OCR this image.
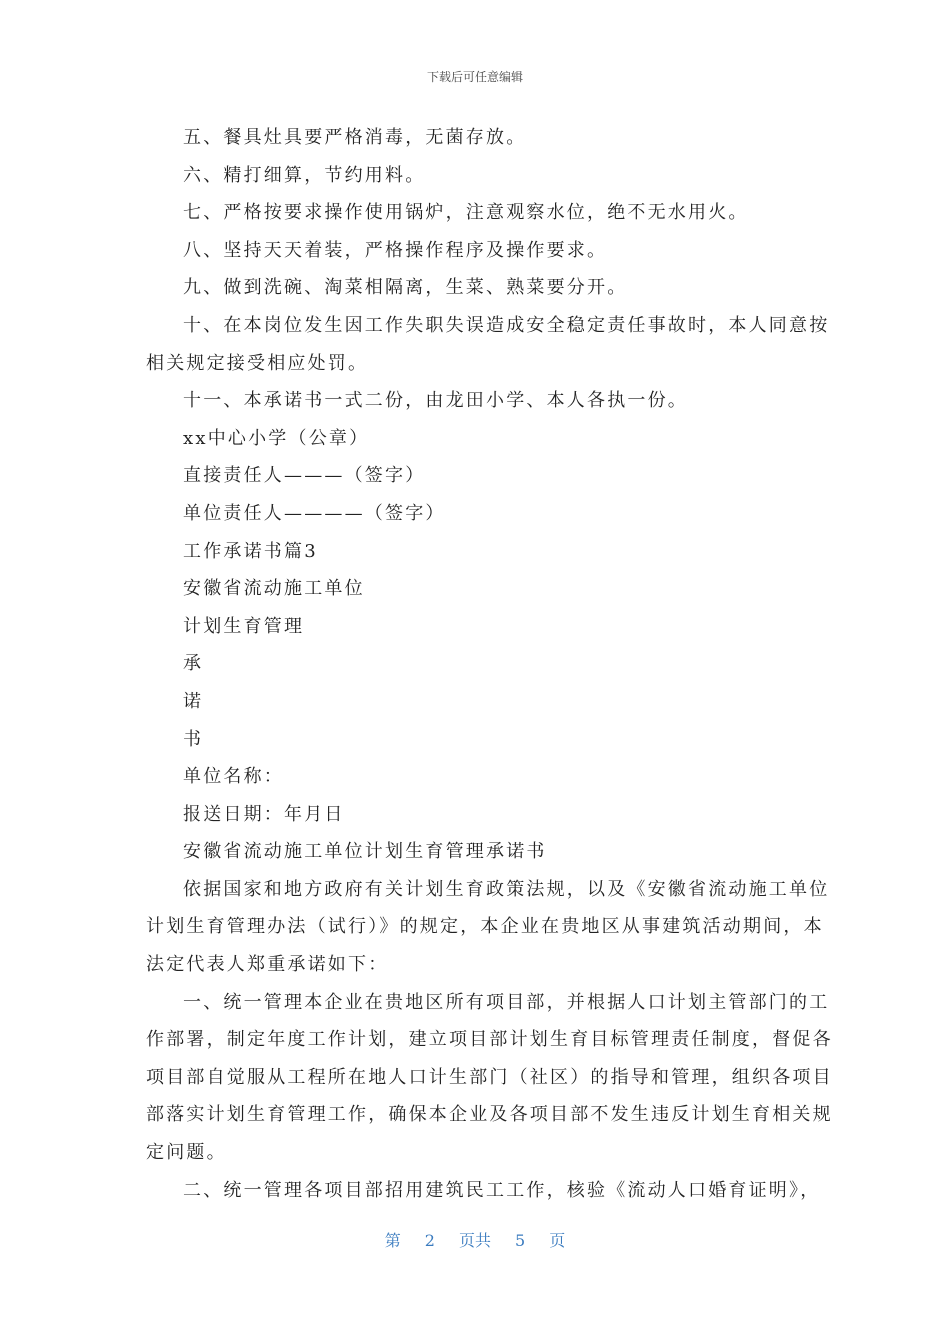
下载后可任意编辑

五、餐具灶具要严格消毒，无菌存放。

六、精打细算，节约用料。

七、严格按要求操作使用锅炉，注意观察水位，绝不无水用火。

八、坚持天天着装，严格操作程序及操作要求。

九、做到洗碗、淘菜相隔离，生菜、熟菜要分开。

十、在本岗位发生因工作失职失误造成安全稳定责任事故时，本人同意按

相关规定接受相应处罚。

十一、本承诺书一式二份，由龙田小学、本人各执一份。

xx中心小学（公章）

直接责任人———（签字）

单位责任人————（签字）

工作承诺书篇3

安徽省流动施工单位

计划生育管理

承

诺

书

单位名称：

报送日期：年月日

安徽省流动施工单位计划生育管理承诺书

依据国家和地方政府有关计划生育政策法规，以及《安徽省流动施工单位

计划生育管理办法（试行）》的规定，本企业在贵地区从事建筑活动期间，本

法定代表人郑重承诺如下：

一、统一管理本企业在贵地区所有项目部，并根据人口计划主管部门的工

作部署，制定年度工作计划，建立项目部计划生育目标管理责任制度，督促各

项目部自觉服从工程所在地人口计生部门（社区）的指导和管理，组织各项目

部落实计划生育管理工作，确保本企业及各项目部不发生违反计划生育相关规

定问题。

二、统一管理各项目部招用建筑民工工作，核验《流动人口婚育证明》，

第 2 页共 5 页
